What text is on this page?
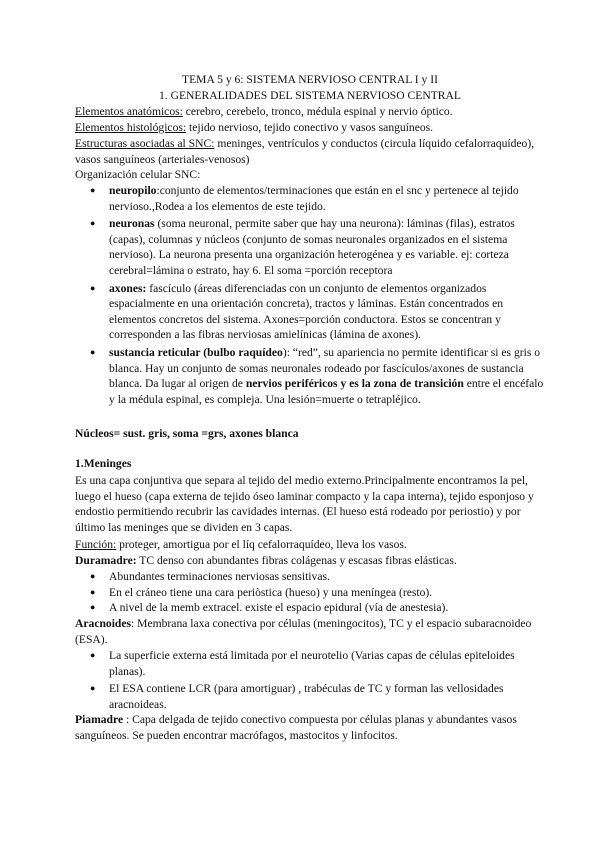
TEMA 5 y 6: SISTEMA NERVIOSO CENTRAL I y II

1. GENERALIDADES DEL SISTEMA NERVIOSO CENTRAL

Elementos anatómicos: cerebro, cerebelo, tronco, médula espinal y nervio óptico.

Elementos histológicos: tejido nervioso, tejido conectivo y vasos sanguíneos.

Estructuras asociadas al SNC: meninges, ventrículos y conductos (circula líquido cefalorraquídeo), vasos sanguíneos (arteriales-venosos)

Organización celular SNC:

● neuropilo:conjunto de elementos/terminaciones que están en el snc y pertenece al tejido nervioso.,Rodea a los elementos de este tejido.
● neuronas (soma neuronal, permite saber que hay una neurona): láminas (filas), estratos (capas), columnas y núcleos (conjunto de somas neuronales organizados en el sistema nervioso). La neurona presenta una organización heterogénea y es variable. ej: corteza cerebral=lámina o estrato, hay 6. El soma =porción receptora
● axones: fascículo (áreas diferenciadas con un conjunto de elementos organizados espacialmente en una orientación concreta), tractos y láminas. Están concentrados en elementos concretos del sistema. Axones=porción conductora. Estos se concentran y corresponden a las fibras nerviosas amielínicas (lámina de axones).
● sustancia reticular (bulbo raquídeo): “red”, su apariencia no permite identificar si es gris o blanca. Hay un conjunto de somas neuronales rodeado por fascículos/axones de sustancia blanca. Da lugar al origen de nervios periféricos y es la zona de transición entre el encéfalo y la médula espinal, es compleja. Una lesión=muerte o tetrapléjico.

Núcleos= sust. gris, soma =grs, axones blanca

1.Meninges

Es una capa conjuntiva que separa al tejido del medio externo.Principalmente encontramos la pel, luego el hueso (capa externa de tejido óseo laminar compacto y la capa interna), tejido esponjoso y endostio permitiendo recubrir las cavidades internas. (El hueso está rodeado por periostio) y por último las meninges que se dividen en 3 capas.

Función: proteger, amortigua por el líq cefalorraquídeo, lleva los vasos.

Duramadre: TC denso con abundantes fibras colágenas y escasas fibras elásticas.

● Abundantes terminaciones nerviosas sensitivas.
● En el cráneo tiene una cara periòstica (hueso) y una meníngea (resto).
● A nivel de la memb extracel. existe el espacio epidural (vía de anestesia).

Aracnoides: Membrana laxa conectiva por células (meningocitos), TC y el espacio subaracnoideo (ESA).

● La superficie externa está limitada por el neurotelio (Varias capas de células epiteloides planas).
● El ESA contiene LCR (para amortiguar) , trabéculas de TC y forman las vellosidades aracnoideas.

Piamadre : Capa delgada de tejido conectivo compuesta por células planas y abundantes vasos sanguíneos. Se pueden encontrar macrófagos, mastocitos y linfocitos.
